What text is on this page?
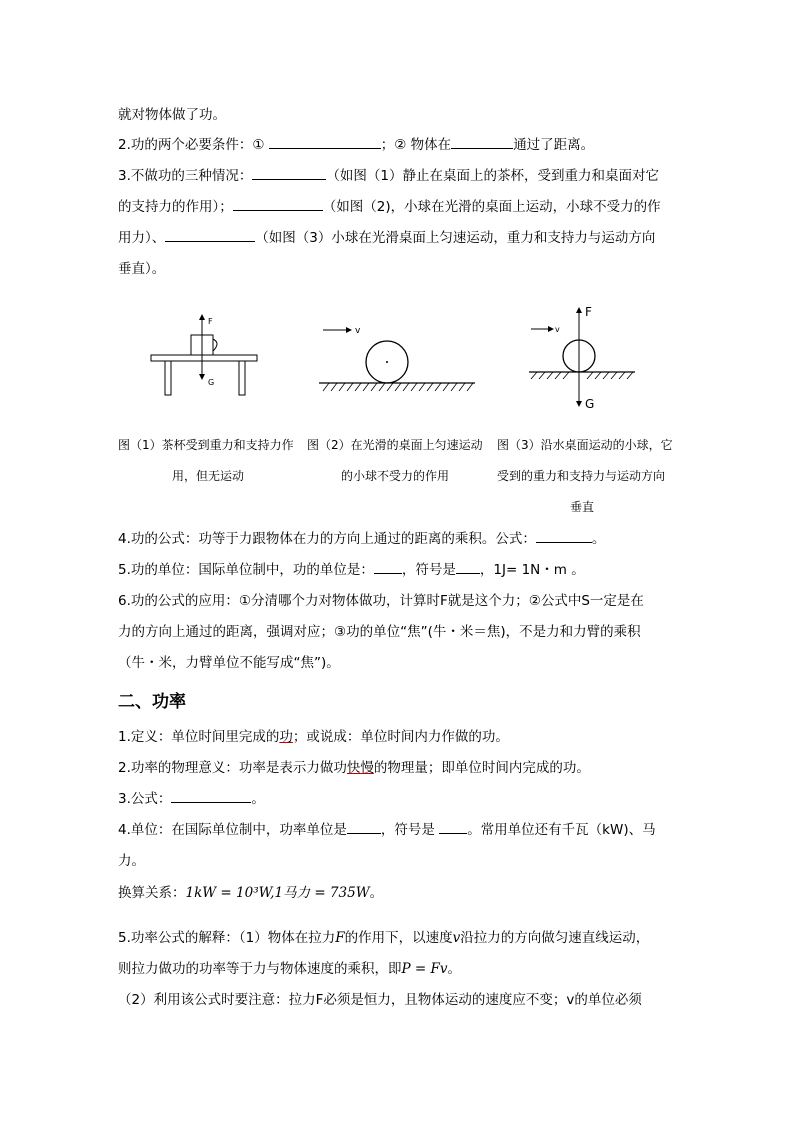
就对物体做了功。
2.功的两个必要条件：①	；② 物体在	通过了距离。
3.不做功的三种情况：	（如图（1）静止在桌面上的茶杯，受到重力和桌面对它
的支持力的作用）；	（如图（2)，小球在光滑的桌面上运动，小球不受力的作
用力）、	（如图（3）小球在光滑桌面上匀速运动，重力和支持力与运动方向
垂直）。
F
G
v	v
F
G
图（1）茶杯受到重力和支持力作
用，但无运动
图（2）在光滑的桌面上匀速运动
的小球不受力的作用
图（3）沿水桌面运动的小球，它
受到的重力和支持力与运动方向
垂直
4.功的公式：功等于力跟物体在力的方向上通过的距离的乘积。公式：	。
5.功的单位：国际单位制中，功的单位是： ，符号是 ，1J= 1N・m 。
6.功的公式的应用：①分清哪个力对物体做功，计算时F就是这个力；②公式中S一定是在
力的方向上通过的距离，强调对应；③功的单位“焦”(牛・米＝焦)，不是力和力臂的乘积
（牛・米，力臂单位不能写成“焦”)。
二、功率
1.定义：单位时间里完成的功；或说成：单位时间内力作做的功。
2.功率的物理意义：功率是表示力做功快慢的物理量；即单位时间内完成的功。
3.公式：	。
4.单位：在国际单位制中，功率单位是	，符号是 。常用单位还有千瓦（kW)、马
力。
换算关系：1kW = 10³W,1马力 = 735W。
5.功率公式的解释：（1）物体在拉力F的作用下，以速度v沿拉力的方向做匀速直线运动，
则拉力做功的功率等于力与物体速度的乘积，即P = Fv。
（2）利用该公式时要注意：拉力F必须是恒力，且物体运动的速度应不变；v的单位必须
